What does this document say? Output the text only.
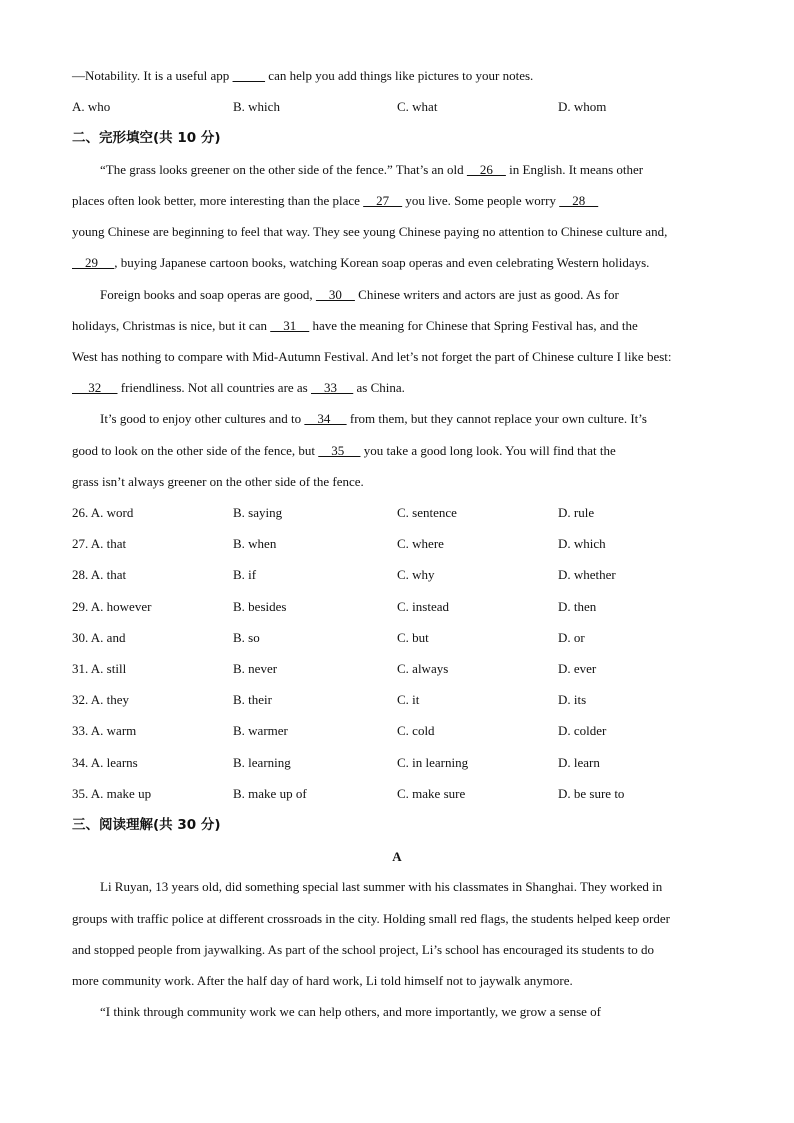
—Notability. It is a useful app	can help you add things like pictures to your notes.
A. who	B. which	C. what	D. whom
二、完形填空(共 10 分)
“The grass looks greener on the other side of the fence.” That’s an old     26     in English. It means other
places often look better, more interesting than the place     27     you live. Some people worry     28
young Chinese are beginning to feel that way. They see young Chinese paying no attention to Chinese culture and,
29     , buying Japanese cartoon books, watching Korean soap operas and even celebrating Western holidays.
Foreign books and soap operas are good,     30     Chinese writers and actors are just as good. As for
holidays, Christmas is nice, but it can     31     have the meaning for Chinese that Spring Festival has, and the
West has nothing to compare with Mid-Autumn Festival. And let’s not forget the part of Chinese culture I like best:
32      friendliness. Not all countries are as     33      as China.
It’s good to enjoy other cultures and to     34      from them, but they cannot replace your own culture. It’s
good to look on the other side of the fence, but     35      you take a good long look. You will find that the
grass isn’t always greener on the other side of the fence.
26. A. word	B. saying	C. sentence	D. rule
27. A. that	B. when	C. where	D. which
28. A. that	B. if	C. why	D. whether
29. A. however	B. besides	C. instead	D. then
30. A. and	B. so	C. but	D. or
31. A. still	B. never	C. always	D. ever
32. A. they	B. their	C. it	D. its
33. A. warm	B. warmer	C. cold	D. colder
34. A. learns	B. learning	C. in learning	D. learn
35. A. make up	B. make up of	C. make sure	D. be sure to
三、阅读理解(共 30 分)
A
Li Ruyan, 13 years old, did something special last summer with his classmates in Shanghai. They worked in
groups with traffic police at different crossroads in the city. Holding small red flags, the students helped keep order
and stopped people from jaywalking. As part of the school project, Li’s school has encouraged its students to do
more community work. After the half day of hard work, Li told himself not to jaywalk anymore.
“I think through community work we can help others, and more importantly, we grow a sense of
